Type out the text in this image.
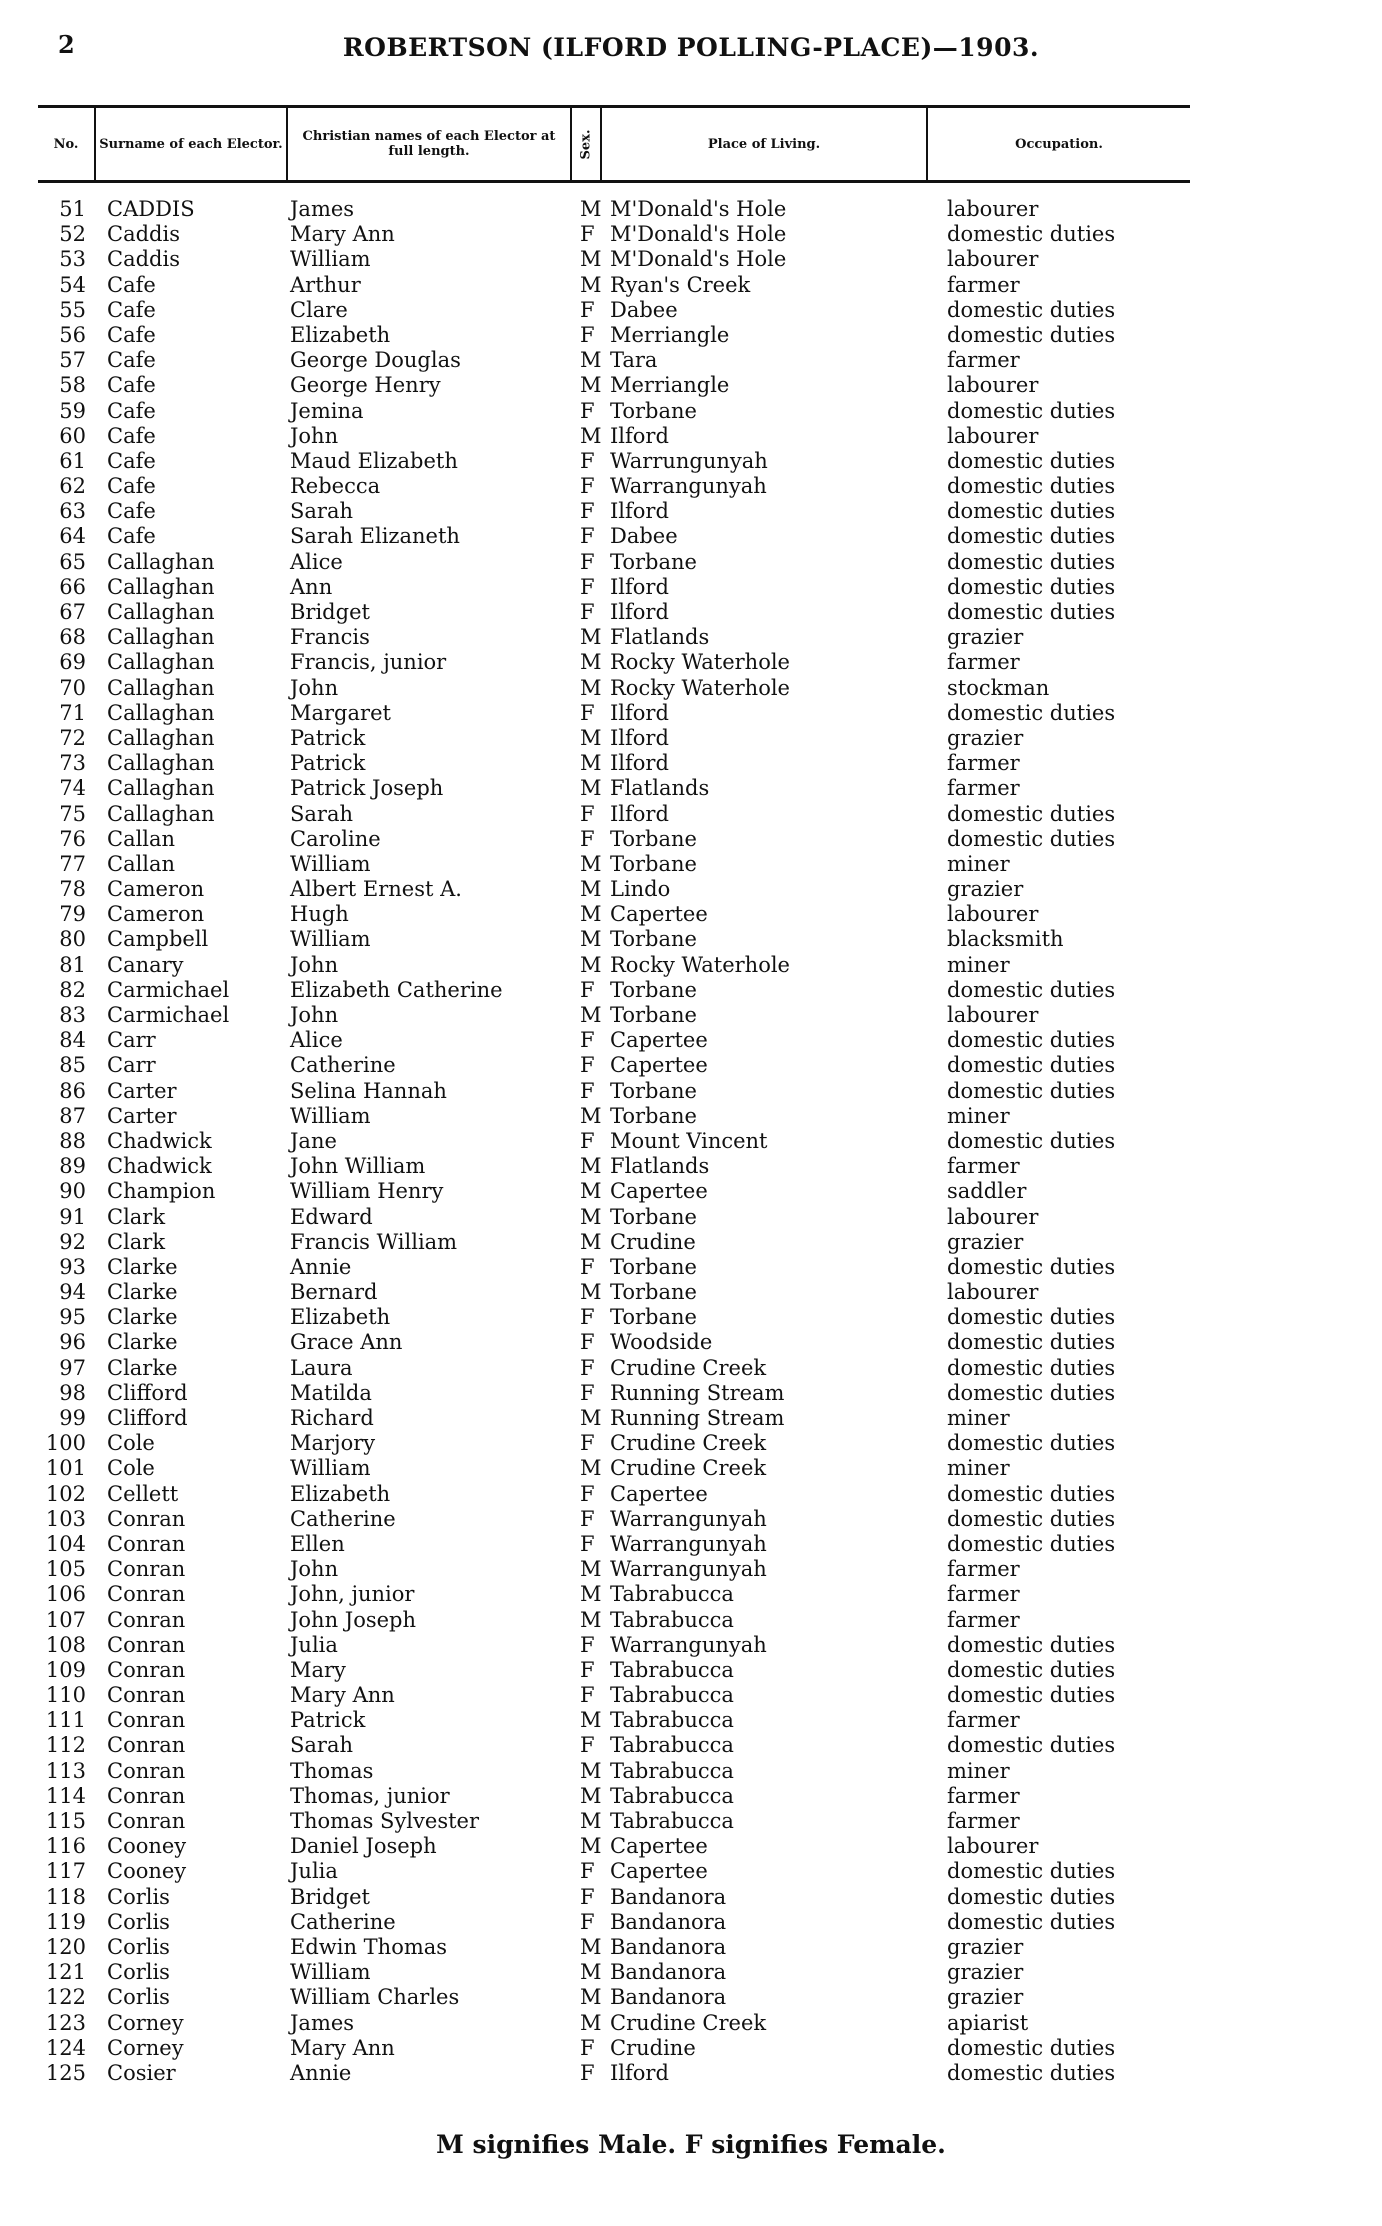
2	ROBERTSON (ILFORD POLLING-PLACE)—1903.
No.	Surname of each Elector.	Christian names of each Elector at full length.	Sex.	Place of Living.	Occupation.
51 CADDIS	James	M M'Donald's Hole	labourer
52 Caddis	Mary Ann	F M'Donald's Hole	domestic duties
53 Caddis	William	M M'Donald's Hole	labourer
54 Cafe	Arthur	M Ryan's Creek	farmer
55 Cafe	Clare	F Dabee	domestic duties
56 Cafe	Elizabeth	F Merriangle	domestic duties
57 Cafe	George Douglas	M Tara	farmer
58 Cafe	George Henry	M Merriangle	labourer
59 Cafe	Jemina	F Torbane	domestic duties
60 Cafe	John	M Ilford	labourer
61 Cafe	Maud Elizabeth	F Warrungunyah	domestic duties
62 Cafe	Rebecca	F Warrangunyah	domestic duties
63 Cafe	Sarah	F Ilford	domestic duties
64 Cafe	Sarah Elizaneth	F Dabee	domestic duties
65 Callaghan	Alice	F Torbane	domestic duties
66 Callaghan	Ann	F Ilford	domestic duties
67 Callaghan	Bridget	F Ilford	domestic duties
68 Callaghan	Francis	M Flatlands	grazier
69 Callaghan	Francis, junior	M Rocky Waterhole	farmer
70 Callaghan	John	M Rocky Waterhole	stockman
71 Callaghan	Margaret	F Ilford	domestic duties
72 Callaghan	Patrick	M Ilford	grazier
73 Callaghan	Patrick	M Ilford	farmer
74 Callaghan	Patrick Joseph	M Flatlands	farmer
75 Callaghan	Sarah	F Ilford	domestic duties
76 Callan	Caroline	F Torbane	domestic duties
77 Callan	William	M Torbane	miner
78 Cameron	Albert Ernest A.	M Lindo	grazier
79 Cameron	Hugh	M Capertee	labourer
80 Campbell	William	M Torbane	blacksmith
81 Canary	John	M Rocky Waterhole	miner
82 Carmichael	Elizabeth Catherine	F Torbane	domestic duties
83 Carmichael	John	M Torbane	labourer
84 Carr	Alice	F Capertee	domestic duties
85 Carr	Catherine	F Capertee	domestic duties
86 Carter	Selina Hannah	F Torbane	domestic duties
87 Carter	William	M Torbane	miner
88 Chadwick	Jane	F Mount Vincent	domestic duties
89 Chadwick	John William	M Flatlands	farmer
90 Champion	William Henry	M Capertee	saddler
91 Clark	Edward	M Torbane	labourer
92 Clark	Francis William	M Crudine	grazier
93 Clarke	Annie	F Torbane	domestic duties
94 Clarke	Bernard	M Torbane	labourer
95 Clarke	Elizabeth	F Torbane	domestic duties
96 Clarke	Grace Ann	F Woodside	domestic duties
97 Clarke	Laura	F Crudine Creek	domestic duties
98 Clifford	Matilda	F Running Stream	domestic duties
99 Clifford	Richard	M Running Stream	miner
100 Cole	Marjory	F Crudine Creek	domestic duties
101 Cole	William	M Crudine Creek	miner
102 Cellett	Elizabeth	F Capertee	domestic duties
103 Conran	Catherine	F Warrangunyah	domestic duties
104 Conran	Ellen	F Warrangunyah	domestic duties
105 Conran	John	M Warrangunyah	farmer
106 Conran	John, junior	M Tabrabucca	farmer
107 Conran	John Joseph	M Tabrabucca	farmer
108 Conran	Julia	F Warrangunyah	domestic duties
109 Conran	Mary	F Tabrabucca	domestic duties
110 Conran	Mary Ann	F Tabrabucca	domestic duties
111 Conran	Patrick	M Tabrabucca	farmer
112 Conran	Sarah	F Tabrabucca	domestic duties
113 Conran	Thomas	M Tabrabucca	miner
114 Conran	Thomas, junior	M Tabrabucca	farmer
115 Conran	Thomas Sylvester	M Tabrabucca	farmer
116 Cooney	Daniel Joseph	M Capertee	labourer
117 Cooney	Julia	F Capertee	domestic duties
118 Corlis	Bridget	F Bandanora	domestic duties
119 Corlis	Catherine	F Bandanora	domestic duties
120 Corlis	Edwin Thomas	M Bandanora	grazier
121 Corlis	William	M Bandanora	grazier
122 Corlis	William Charles	M Bandanora	grazier
123 Corney	James	M Crudine Creek	apiarist
124 Corney	Mary Ann	F Crudine	domestic duties
125 Cosier	Annie	F Ilford	domestic duties
M signifies Male. F signifies Female.
